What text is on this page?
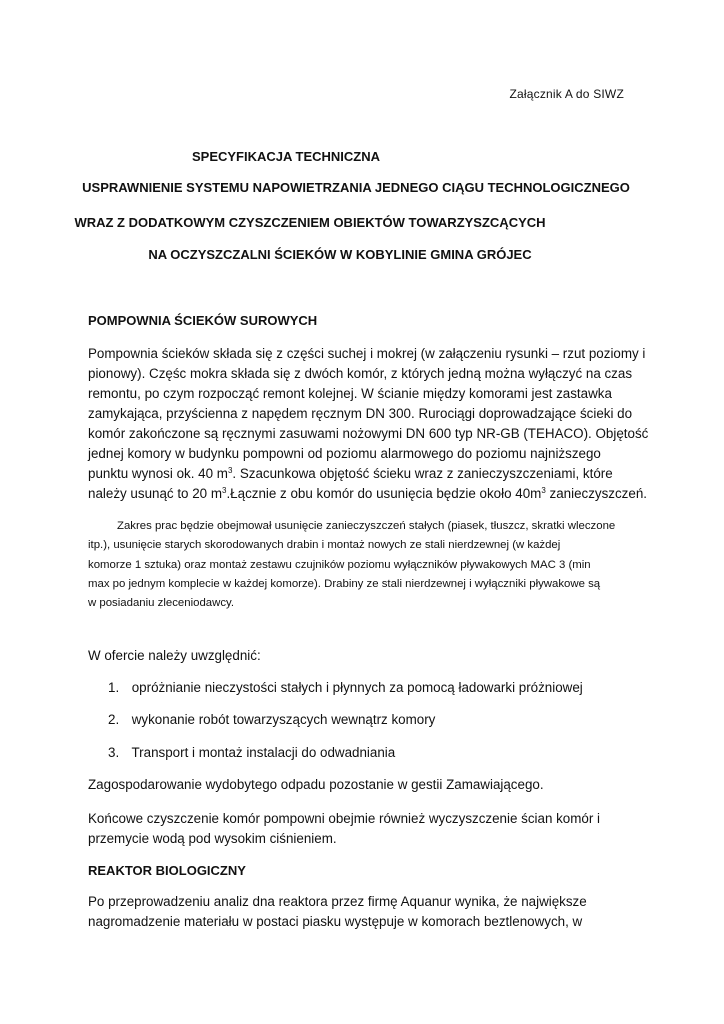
Załącznik A do SIWZ
SPECYFIKACJA TECHNICZNA
USPRAWNIENIE SYSTEMU NAPOWIETRZANIA JEDNEGO CIĄGU TECHNOLOGICZNEGO
WRAZ Z DODATKOWYM CZYSZCZENIEM OBIEKTÓW TOWARZYSZCĄCYCH
NA OCZYSZCZALNI ŚCIEKÓW W KOBYLINIE GMINA GRÓJEC
POMPOWNIA ŚCIEKÓW SUROWYCH
Pompownia ścieków składa się z części suchej i mokrej (w załączeniu rysunki – rzut poziomy i
pionowy). Częśc mokra składa się z dwóch komór, z których jedną można wyłączyć na czas
remontu, po czym rozpocząć remont kolejnej. W ścianie między komorami jest zastawka
zamykająca, przyścienna z napędem ręcznym DN 300. Rurociągi doprowadzające ścieki do
komór zakończone są ręcznymi zasuwami nożowymi DN 600 typ NR-GB (TEHACO). Objętość
jednej komory w budynku pompowni od poziomu alarmowego do poziomu najniższego
punktu wynosi ok. 40 $m^3$. Szacunkowa objętość ścieku wraz z zanieczyszczeniami, które
należy usunąć to 20 $m^3.Łącznie$ z obu komór do usunięcia będzie około $40m^3$ zanieczyszczeń.
Zakres prac będzie obejmował usunięcie zanieczyszczeń stałych (piasek, tłuszcz, skratki wleczone
itp.), usunięcie starych skorodowanych drabin i montaż nowych ze stali nierdzewnej (w każdej
komorze 1 sztuka) oraz montaż zestawu czujników poziomu wyłączników pływakowych MAC 3 (min
max po jednym komplecie w każdej komorze). Drabiny ze stali nierdzewnej i wyłączniki pływakowe są
w posiadaniu zleceniodawcy.
W ofercie należy uwzględnić:
1. opróżnianie nieczystości stałych i płynnych za pomocą ładowarki próżniowej
2. wykonanie robót towarzyszących wewnątrz komory
3. Transport i montaż instalacji do odwadniania
Zagospodarowanie wydobytego odpadu pozostanie w gestii Zamawiającego.
Końcowe czyszczenie komór pompowni obejmie również wyczyszczenie ścian komór i
przemycie wodą pod wysokim ciśnieniem.
REAKTOR BIOLOGICZNY
Po przeprowadzeniu analiz dna reaktora przez firmę Aquanur wynika, że największe
nagromadzenie materiału w postaci piasku występuje w komorach beztlenowych, w
